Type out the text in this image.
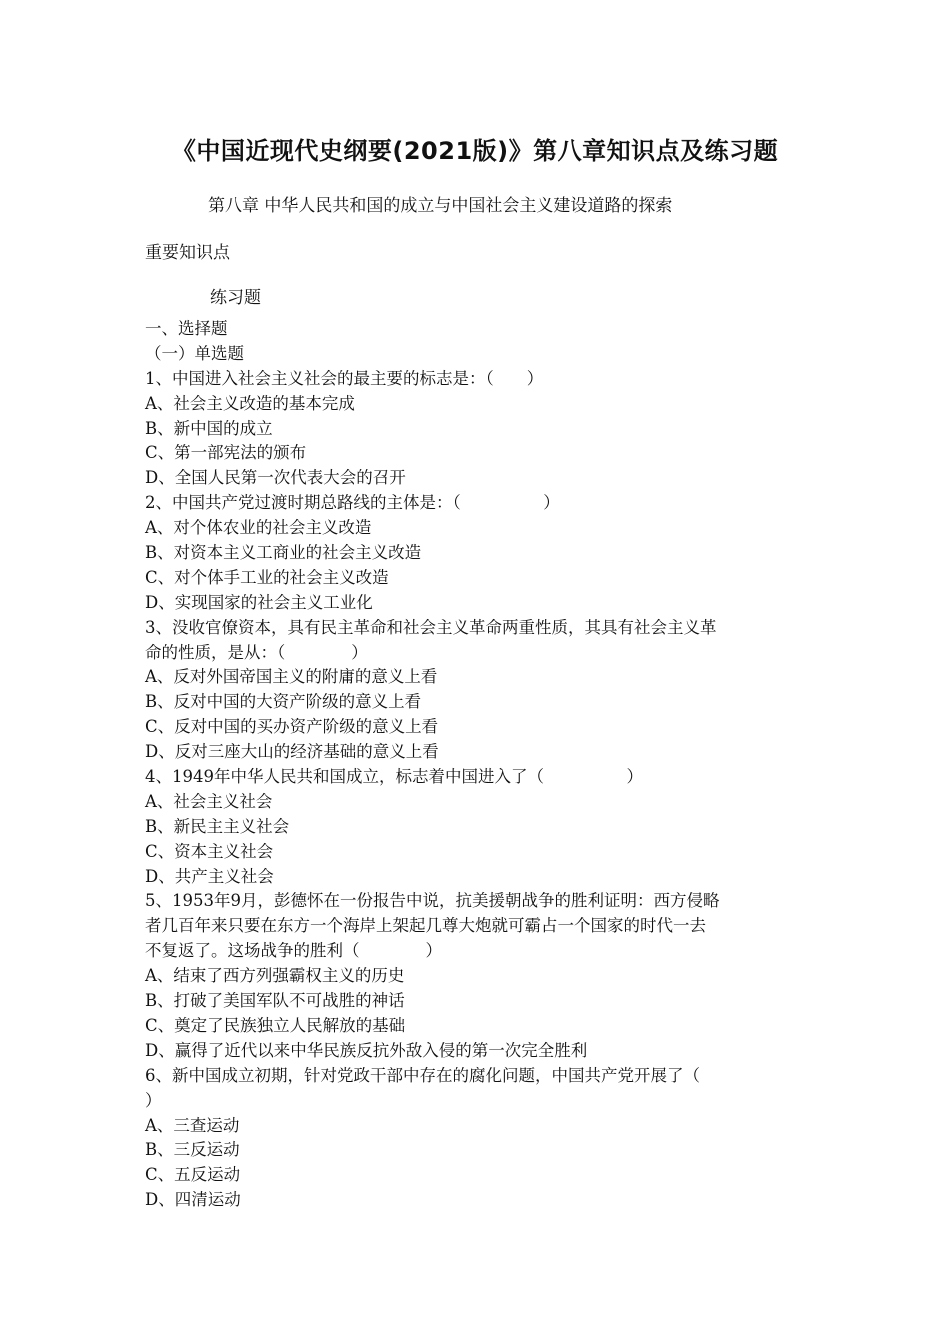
《中国近现代史纲要(2021版)》第八章知识点及练习题
第八章 中华人民共和国的成立与中国社会主义建设道路的探索
重要知识点
练习题
一、选择题
（一）单选题
1、中国进入社会主义社会的最主要的标志是：（　　）
A、社会主义改造的基本完成
B、新中国的成立
C、第一部宪法的颁布
D、全国人民第一次代表大会的召开
2、中国共产党过渡时期总路线的主体是：（　　　　　）
A、对个体农业的社会主义改造
B、对资本主义工商业的社会主义改造
C、对个体手工业的社会主义改造
D、实现国家的社会主义工业化
3、没收官僚资本，具有民主革命和社会主义革命两重性质，其具有社会主义革
命的性质，是从：（　　　　）
A、反对外国帝国主义的附庸的意义上看
B、反对中国的大资产阶级的意义上看
C、反对中国的买办资产阶级的意义上看
D、反对三座大山的经济基础的意义上看
4、1949年中华人民共和国成立，标志着中国进入了（　　　　　）
A、社会主义社会
B、新民主主义社会
C、资本主义社会
D、共产主义社会
5、1953年9月，彭德怀在一份报告中说，抗美援朝战争的胜利证明：西方侵略
者几百年来只要在东方一个海岸上架起几尊大炮就可霸占一个国家的时代一去
不复返了。这场战争的胜利（　　　　）
A、结束了西方列强霸权主义的历史
B、打破了美国军队不可战胜的神话
C、奠定了民族独立人民解放的基础
D、赢得了近代以来中华民族反抗外敌入侵的第一次完全胜利
6、新中国成立初期，针对党政干部中存在的腐化问题，中国共产党开展了（
）
A、三查运动
B、三反运动
C、五反运动
D、四清运动
